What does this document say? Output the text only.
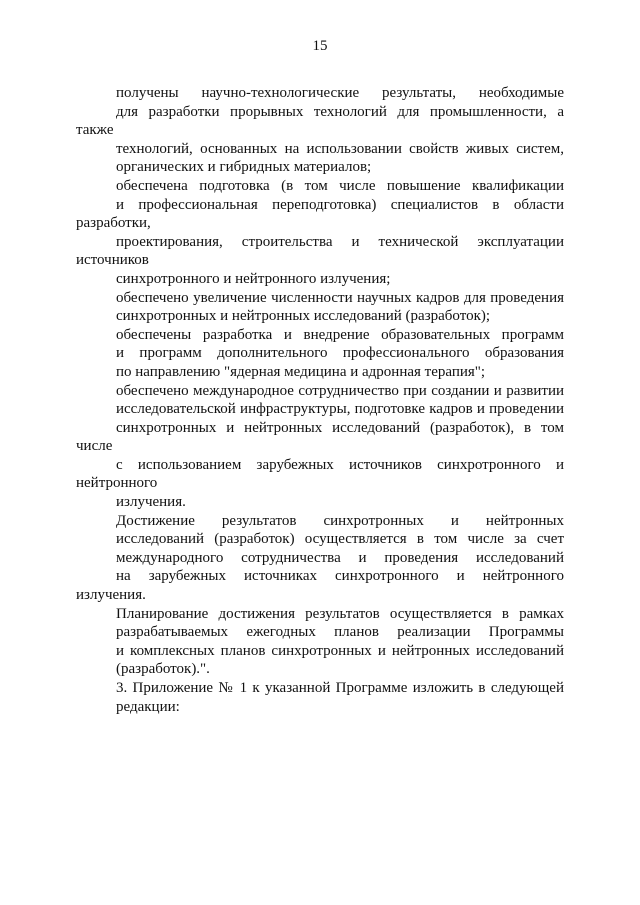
15

получены научно-технологические результаты, необходимые
для разработки прорывных технологий для промышленности, а также
технологий, основанных на использовании свойств живых систем,
органических и гибридных материалов;

обеспечена подготовка (в том числе повышение квалификации
и профессиональная переподготовка) специалистов в области разработки,
проектирования, строительства и технической эксплуатации источников
синхротронного и нейтронного излучения;

обеспечено увеличение численности научных кадров для проведения
синхротронных и нейтронных исследований (разработок);

обеспечены разработка и внедрение образовательных программ
и программ дополнительного профессионального образования
по направлению "ядерная медицина и адронная терапия";

обеспечено международное сотрудничество при создании и развитии
исследовательской инфраструктуры, подготовке кадров и проведении
синхротронных и нейтронных исследований (разработок), в том числе
с использованием зарубежных источников синхротронного и нейтронного
излучения.

Достижение результатов синхротронных и нейтронных
исследований (разработок) осуществляется в том числе за счет
международного сотрудничества и проведения исследований
на зарубежных источниках синхротронного и нейтронного излучения.

Планирование достижения результатов осуществляется в рамках
разрабатываемых ежегодных планов реализации Программы
и комплексных планов синхротронных и нейтронных исследований
(разработок).".

3. Приложение № 1 к указанной Программе изложить в следующей
редакции:
